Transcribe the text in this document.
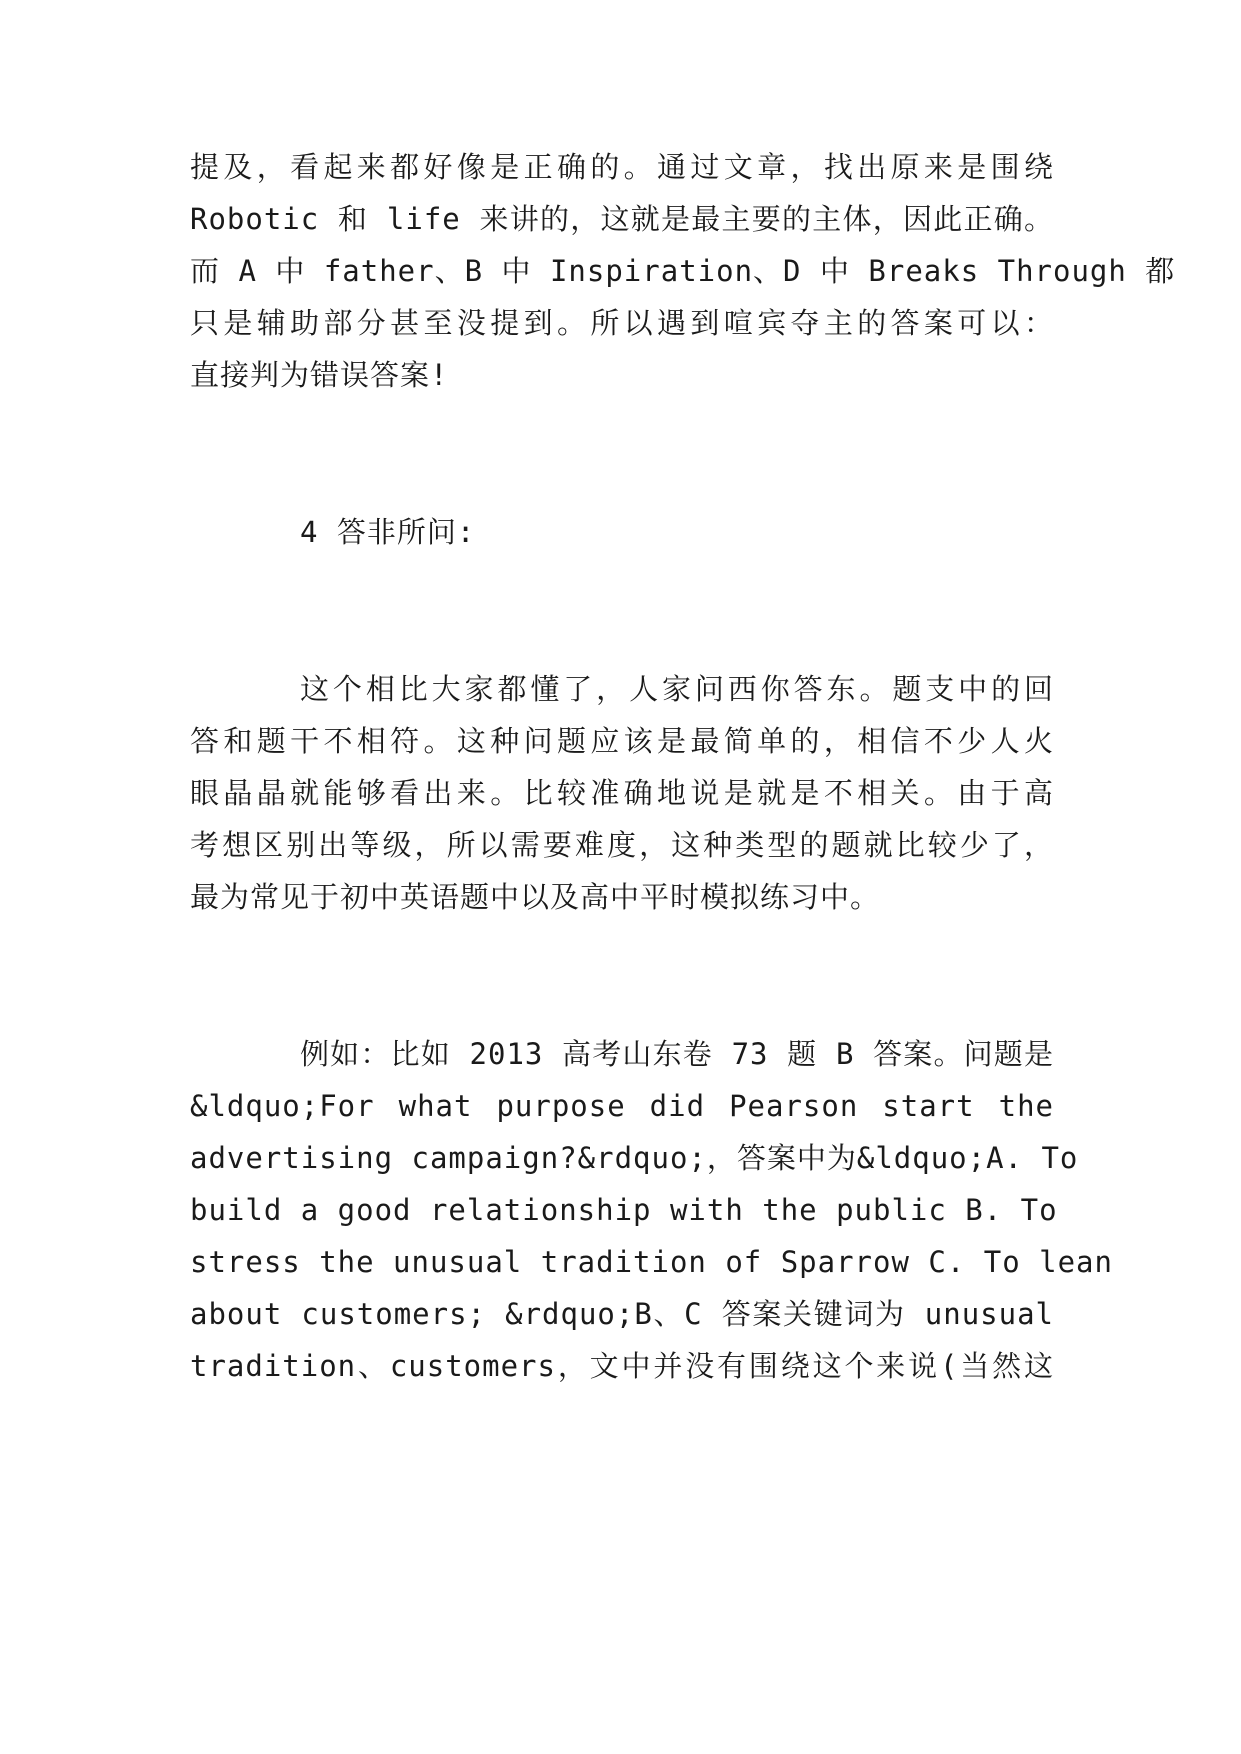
提及，看起来都好像是正确的。通过文章，找出原来是围绕
Robotic 和 life 来讲的，这就是最主要的主体，因此正确。
而 A 中 father、B 中 Inspiration、D 中 Breaks Through 都
只是辅助部分甚至没提到。所以遇到喧宾夺主的答案可以：
直接判为错误答案!
4 答非所问:
这个相比大家都懂了，人家问西你答东。题支中的回
答和题干不相符。这种问题应该是最简单的，相信不少人火
眼晶晶就能够看出来。比较准确地说是就是不相关。由于高
考想区别出等级，所以需要难度，这种类型的题就比较少了，
最为常见于初中英语题中以及高中平时模拟练习中。
例如：比如 2013 高考山东卷 73 题 B 答案。问题是
&ldquo;For what purpose did Pearson start the
advertising campaign?&rdquo;，答案中为&ldquo;A. To
build a good relationship with the public B. To
stress the unusual tradition of Sparrow C. To lean
about customers; &rdquo;B、C 答案关键词为 unusual
tradition、customers，文中并没有围绕这个来说(当然这
